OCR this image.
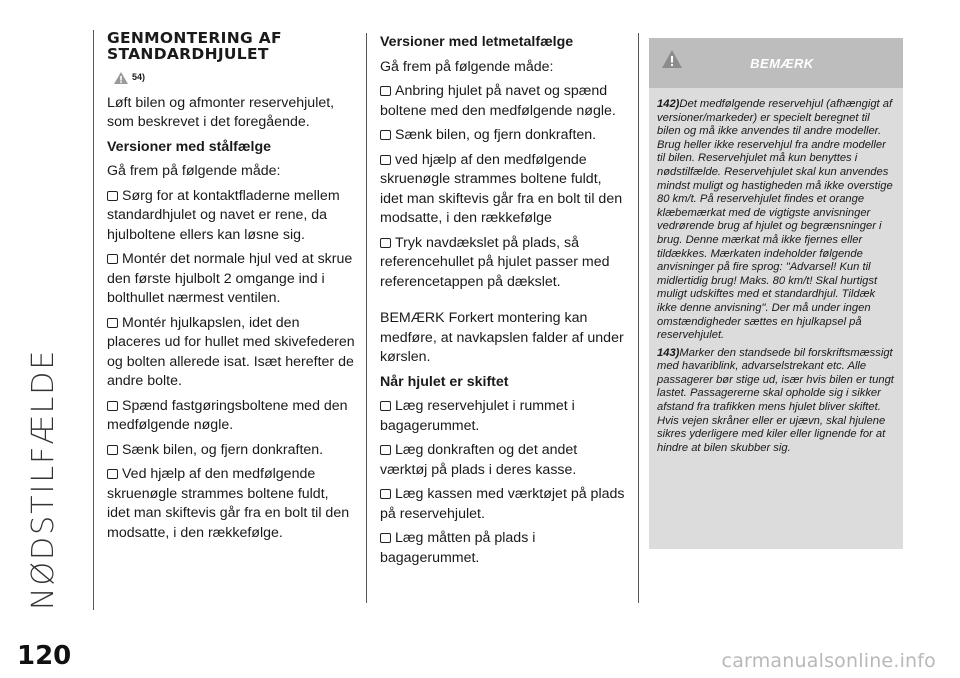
NØDSTILFÆLDE
120
GENMONTERING AF STANDARDHJULET
54)

Løft bilen og afmonter reservehjulet, som beskrevet i det foregående.

Versioner med stålfælge

Gå frem på følgende måde:

Sørg for at kontaktfladerne mellem standardhjulet og navet er rene, da hjulboltene ellers kan løsne sig.

Montér det normale hjul ved at skrue den første hjulbolt 2 omgange ind i bolthullet nærmest ventilen.

Montér hjulkapslen, idet den placeres ud for hullet med skivefederen og bolten allerede isat. Isæt herefter de andre bolte.

Spænd fastgøringsboltene med den medfølgende nøgle.

Sænk bilen, og fjern donkraften.

Ved hjælp af den medfølgende skruenøgle strammes boltene fuldt, idet man skiftevis går fra en bolt til den modsatte, i den rækkefølge.

Versioner med letmetalfælge

Gå frem på følgende måde:

Anbring hjulet på navet og spænd boltene med den medfølgende nøgle.

Sænk bilen, og fjern donkraften.

ved hjælp af den medfølgende skruenøgle strammes boltene fuldt, idet man skiftevis går fra en bolt til den modsatte, i den rækkefølge

Tryk navdækslet på plads, så referencehullet på hjulet passer med referencetappen på dækslet.

BEMÆRK Forkert montering kan medføre, at navkapslen falder af under kørslen.

Når hjulet er skiftet

Læg reservehjulet i rummet i bagagerummet.

Læg donkraften og det andet værktøj på plads i deres kasse.

Læg kassen med værktøjet på plads på reservehjulet.

Læg måtten på plads i bagagerummet.

BEMÆRK

142)Det medfølgende reservehjul (afhængigt af versioner/markeder) er specielt beregnet til bilen og må ikke anvendes til andre modeller. Brug heller ikke reservehjul fra andre modeller til bilen. Reservehjulet må kun benyttes i nødstilfælde. Reservehjulet skal kun anvendes mindst muligt og hastigheden må ikke overstige 80 km/t. På reservehjulet findes et orange klæbemærkat med de vigtigste anvisninger vedrørende brug af hjulet og begrænsninger i brug. Denne mærkat må ikke fjernes eller tildækkes. Mærkaten indeholder følgende anvisninger på fire sprog: "Advarsel! Kun til midlertidig brug! Maks. 80 km/t! Skal hurtigst muligt udskiftes med et standardhjul. Tildæk ikke denne anvisning". Der må under ingen omstændigheder sættes en hjulkapsel på reservehjulet.

143)Marker den standsede bil forskriftsmæssigt med havariblink, advarselstrekant etc. Alle passagerer bør stige ud, især hvis bilen er tungt lastet. Passagererne skal opholde sig i sikker afstand fra trafikken mens hjulet bliver skiftet. Hvis vejen skråner eller er ujævn, skal hjulene sikres yderligere med kiler eller lignende for at hindre at bilen skubber sig.

carmanualsonline.info
